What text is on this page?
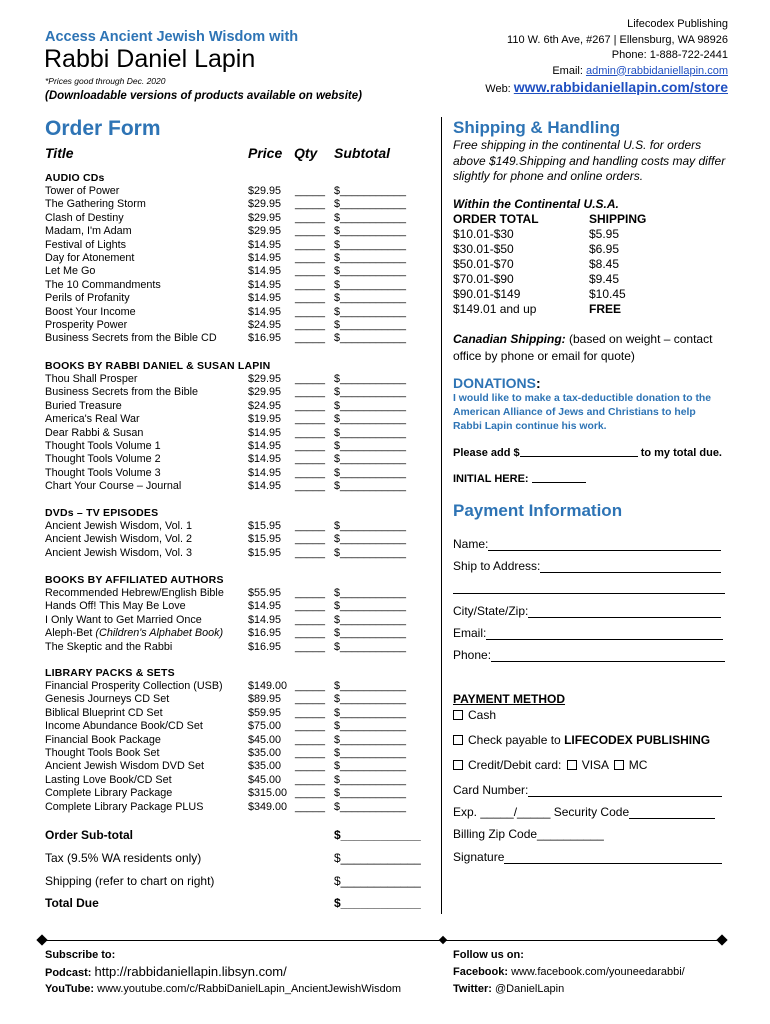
Access Ancient Jewish Wisdom with
Rabbi Daniel Lapin
*Prices good through Dec. 2020
(Downloadable versions of products available on website)
Lifecodex Publishing
110 W. 6th Ave, #267 | Ellensburg, WA 98926
Phone: 1-888-722-2441
Email: admin@rabbidaniellapin.com
Web: www.rabbidaniellapin.com/store
Order Form
Title	Price Qty Subtotal
AUDIO CDs
Tower of Power	$29.95 _____ $___________
The Gathering Storm	$29.95 _____ $___________
Clash of Destiny	$29.95 _____ $___________
Madam, I'm Adam	$29.95 _____ $___________
Festival of Lights	$14.95 _____ $___________
Day for Atonement	$14.95 _____ $___________
Let Me Go	$14.95 _____ $___________
The 10 Commandments	$14.95 _____ $___________
Perils of Profanity	$14.95 _____ $___________
Boost Your Income	$14.95 _____ $___________
Prosperity Power	$24.95 _____ $___________
Business Secrets from the Bible CD	$16.95 _____ $___________
BOOKS BY RABBI DANIEL & SUSAN LAPIN
Thou Shall Prosper	$29.95 _____ $___________
Business Secrets from the Bible	$29.95 _____ $___________
Buried Treasure	$24.95 _____ $___________
America's Real War	$19.95 _____ $___________
Dear Rabbi & Susan	$14.95 _____ $___________
Thought Tools Volume 1	$14.95 _____ $___________
Thought Tools Volume 2	$14.95 _____ $___________
Thought Tools Volume 3	$14.95 _____ $___________
Chart Your Course – Journal	$14.95 _____ $___________
DVDs – TV EPISODES
Ancient Jewish Wisdom, Vol. 1	$15.95 _____ $___________
Ancient Jewish Wisdom, Vol. 2	$15.95 _____ $___________
Ancient Jewish Wisdom, Vol. 3	$15.95 _____ $___________
BOOKS BY AFFILIATED AUTHORS
Recommended Hebrew/English Bible $55.95 _____ $___________
Hands Off! This May Be Love	$14.95 _____ $___________
I Only Want to Get Married Once	$14.95 _____ $___________
Aleph-Bet (Children's Alphabet Book) $16.95 _____ $___________
The Skeptic and the Rabbi	$16.95 _____ $___________
LIBRARY PACKS & SETS
Financial Prosperity Collection (USB) $149.00 _____ $___________
Genesis Journeys CD Set	$89.95 _____ $___________
Biblical Blueprint CD Set	$59.95 _____ $___________
Income Abundance Book/CD Set	$75.00 _____ $___________
Financial Book Package	$45.00 _____ $___________
Thought Tools Book Set	$35.00 _____ $___________
Ancient Jewish Wisdom DVD Set	$35.00 _____ $___________
Lasting Love Book/CD Set	$45.00 _____ $___________
Complete Library Package	$315.00 _____ $___________
Complete Library Package PLUS	$349.00 _____ $___________
Order Sub-total	$____________
Tax (9.5% WA residents only)	$____________
Shipping (refer to chart on right)	$____________
Total Due	$____________
Shipping & Handling
Free shipping in the continental U.S. for orders above $149.Shipping and handling costs may differ slightly for phone and online orders.
Within the Continental U.S.A.
ORDER TOTAL	SHIPPING
$10.01-$30	$5.95
$30.01-$50	$6.95
$50.01-$70	$8.45
$70.01-$90	$9.45
$90.01-$149	$10.45
$149.01 and up	FREE
Canadian Shipping: (based on weight – contact office by phone or email for quote)
DONATIONS:
I would like to make a tax-deductible donation to the American Alliance of Jews and Christians to help Rabbi Lapin continue his work.
Please add $	to my total due.
INITIAL HERE:
Payment Information
Name:
Ship to Address:
City/State/Zip:
Email:
Phone:
PAYMENT METHOD
Cash
Check payable to LIFECODEX PUBLISHING
Credit/Debit card: VISA MC
Card Number:
Exp. _____/_____ Security Code
Billing Zip Code__________
Signature
Subscribe to:
Podcast: http://rabbidaniellapin.libsyn.com/
YouTube: www.youtube.com/c/RabbiDanielLapin_AncientJewishWisdom
Follow us on:
Facebook: www.facebook.com/youneedarabbi/
Twitter: @DanielLapin
